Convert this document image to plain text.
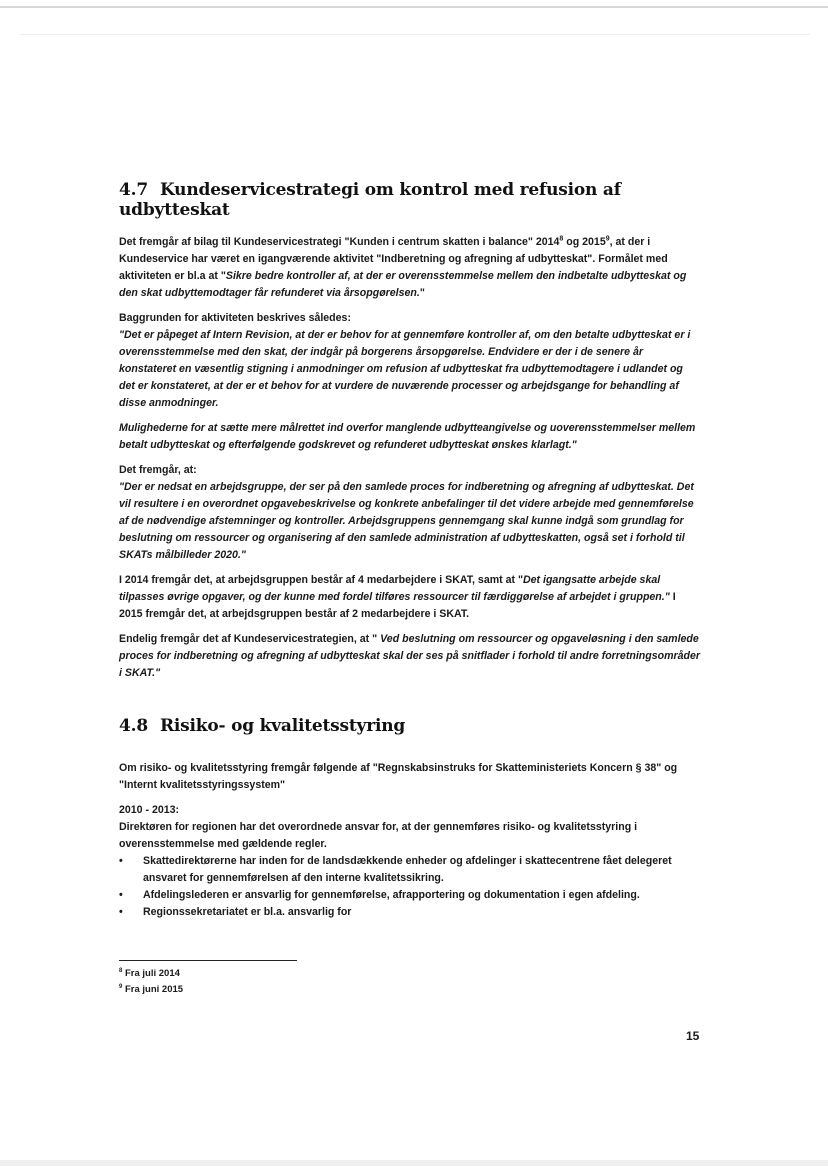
4.7 Kundeservicestrategi om kontrol med refusion af udbytteskat

Det fremgår af bilag til Kundeservicestrategi "Kunden i centrum skatten i balance" 2014$^8$ og 2015$^9$, at der i Kundeservice har været en igangværende aktivitet "Indberetning og afregning af udbytteskat". Formålet med aktiviteten er bl.a at "Sikre bedre kontroller af, at der er overensstemmelse mellem den indbetalte udbytteskat og den skat udbyttemodtager får refunderet via årsopgørelsen."

Baggrunden for aktiviteten beskrives således:

"Det er påpeget af Intern Revision, at der er behov for at gennemføre kontroller af, om den betalte udbytteskat er i overensstemmelse med den skat, der indgår på borgerens årsopgørelse. Endvidere er der i de senere år konstateret en væsentlig stigning i anmodninger om refusion af udbytteskat fra udbyttemodtagere i udlandet og det er konstateret, at der er et behov for at vurdere de nuværende processer og arbejdsgange for behandling af disse anmodninger.

Mulighederne for at sætte mere målrettet ind overfor manglende udbytteangivelse og uoverensstemmelser mellem betalt udbytteskat og efterfølgende godskrevet og refunderet udbytteskat ønskes klarlagt."

Det fremgår, at:

"Der er nedsat en arbejdsgruppe, der ser på den samlede proces for indberetning og afregning af udbytteskat. Det vil resultere i en overordnet opgavebeskrivelse og konkrete anbefalinger til det videre arbejde med gennemførelse af de nødvendige afstemninger og kontroller. Arbejdsgruppens gennemgang skal kunne indgå som grundlag for beslutning om ressourcer og organisering af den samlede administration af udbytteskatten, også set i forhold til SKATs målbilleder 2020."

I 2014 fremgår det, at arbejdsgruppen består af 4 medarbejdere i SKAT, samt at "Det igangsatte arbejde skal tilpasses øvrige opgaver, og der kunne med fordel tilføres ressourcer til færdiggørelse af arbejdet i gruppen." I 2015 fremgår det, at arbejdsgruppen består af 2 medarbejdere i SKAT.

Endelig fremgår det af Kundeservicestrategien, at " Ved beslutning om ressourcer og opgaveløsning i den samlede proces for indberetning og afregning af udbytteskat skal der ses på snitflader i forhold til andre forretningsområder i SKAT."

4.8 Risiko- og kvalitetsstyring

Om risiko- og kvalitetsstyring fremgår følgende af "Regnskabsinstruks for Skatteministeriets Koncern § 38" og "Internt kvalitetsstyringssystem"

2010 - 2013:

Direktøren for regionen har det overordnede ansvar for, at der gennemføres risiko- og kvalitetsstyring i overensstemmelse med gældende regler.

• Skattedirektørerne har inden for de landsdækkende enheder og afdelinger i skattecentrene fået delegeret ansvaret for gennemførelsen af den interne kvalitetssikring.
• Afdelingslederen er ansvarlig for gennemførelse, afrapportering og dokumentation i egen afdeling.
• Regionssekretariatet er bl.a. ansvarlig for
$^8$ Fra juli 2014
$^9$ Fra juni 2015
15
